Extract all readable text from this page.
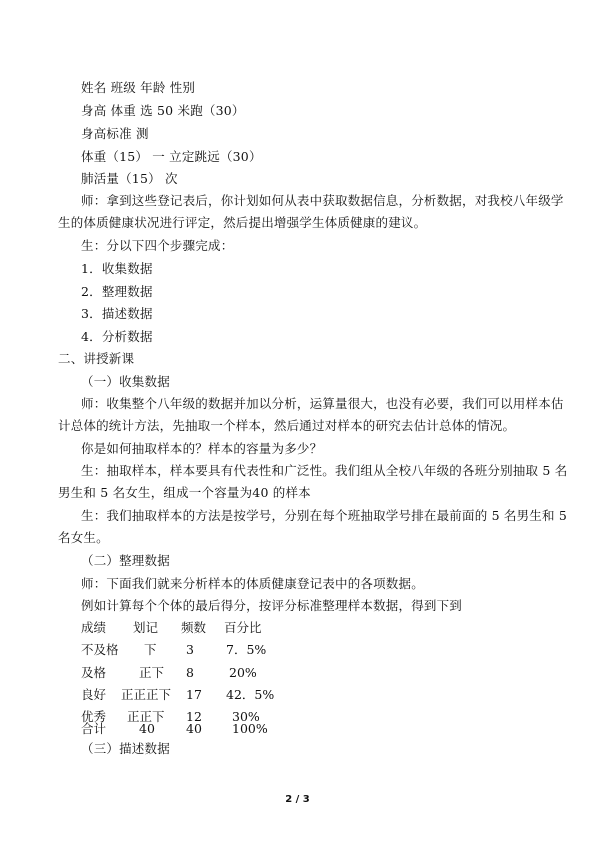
姓名 班级 年龄 性别
身高 体重 选 50 米跑（30）
身高标准 测
体重（15） 一 立定跳远（30）
肺活量（15） 次
师：拿到这些登记表后，你计划如何从表中获取数据信息，分析数据，对我校八年级学
生的体质健康状况进行评定，然后提出增强学生体质健康的建议。
生：分以下四个步骤完成：
1．收集数据
2．整理数据
3．描述数据
4．分析数据
二、讲授新课
（一）收集数据
师：收集整个八年级的数据并加以分析，运算量很大，也没有必要，我们可以用样本估
计总体的统计方法，先抽取一个样本，然后通过对样本的研究去估计总体的情况。
你是如何抽取样本的？样本的容量为多少？
生：抽取样本，样本要具有代表性和广泛性。我们组从全校八年级的各班分别抽取 5 名
男生和 5 名女生，组成一个容量为40 的样本
生：我们抽取样本的方法是按学号，分别在每个班抽取学号排在最前面的 5 名男生和 5
名女生。
（二）整理数据
师：下面我们就来分析样本的体质健康登记表中的各项数据。
例如计算每个个体的最后得分，按评分标准整理样本数据，得到下到
成绩 划记 频数 百分比
不及格 下 3	7．5%
及格	正下 8	20%
良好 正正正下 17 42．5%
优秀 正正下 12 30%
合计	40 40 100%
（三）描述数据
2 / 3
